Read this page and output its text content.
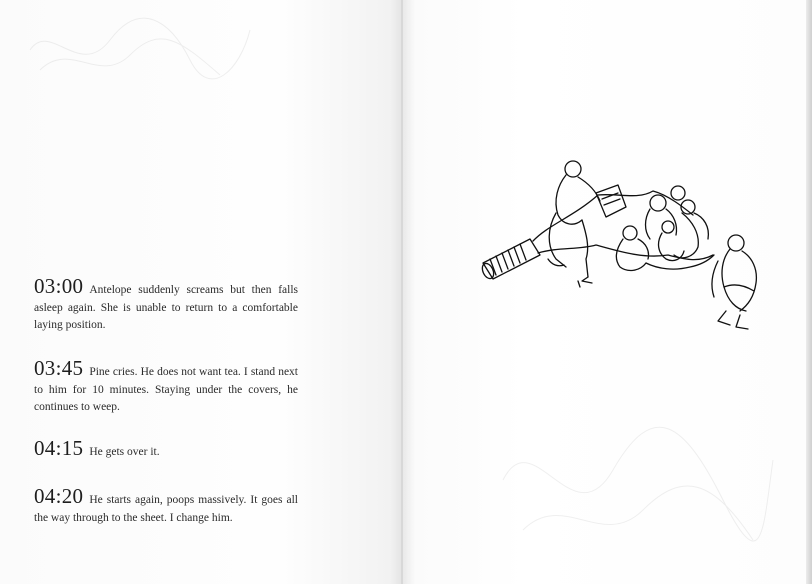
03:00 Antelope suddenly screams but then falls asleep again. She is unable to return to a comfortable laying position.

03:45 Pine cries. He does not want tea. I stand next to him for 10 minutes. Staying under the covers, he continues to weep.

04:15 He gets over it.

04:20 He starts again, poops massively. It goes all the way through to the sheet. I change him.
